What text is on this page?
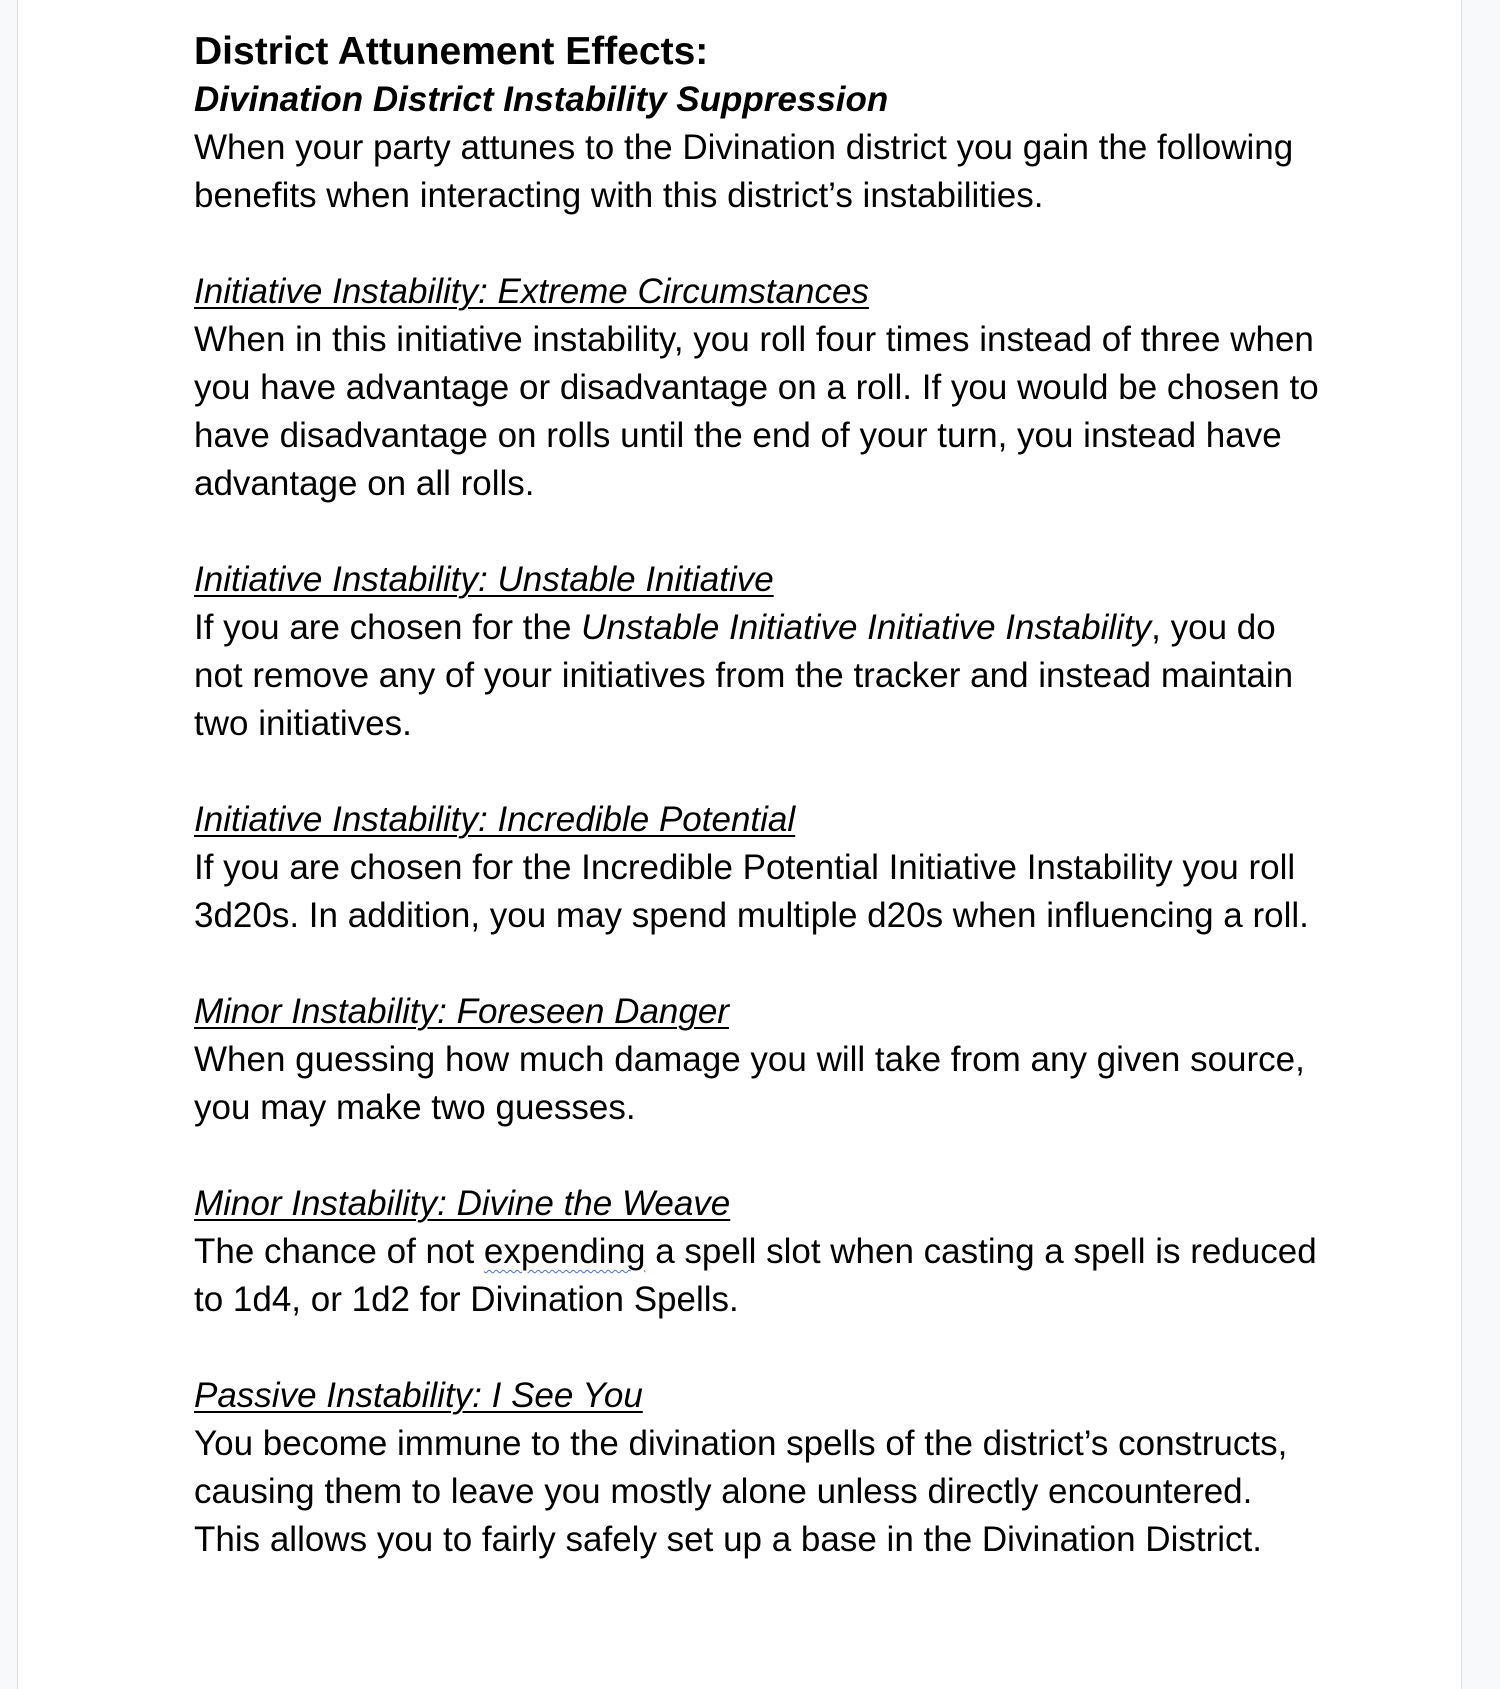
District Attunement Effects:
Divination District Instability Suppression
When your party attunes to the Divination district you gain the following benefits when interacting with this district’s instabilities.
Initiative Instability: Extreme Circumstances
When in this initiative instability, you roll four times instead of three when you have advantage or disadvantage on a roll. If you would be chosen to have disadvantage on rolls until the end of your turn, you instead have advantage on all rolls.
Initiative Instability: Unstable Initiative
If you are chosen for the Unstable Initiative Initiative Instability, you do not remove any of your initiatives from the tracker and instead maintain two initiatives.
Initiative Instability: Incredible Potential
If you are chosen for the Incredible Potential Initiative Instability you roll 3d20s. In addition, you may spend multiple d20s when influencing a roll.
Minor Instability: Foreseen Danger
When guessing how much damage you will take from any given source, you may make two guesses.
Minor Instability: Divine the Weave
The chance of not expending a spell slot when casting a spell is reduced to 1d4, or 1d2 for Divination Spells.
Passive Instability: I See You
You become immune to the divination spells of the district’s constructs, causing them to leave you mostly alone unless directly encountered. This allows you to fairly safely set up a base in the Divination District.
